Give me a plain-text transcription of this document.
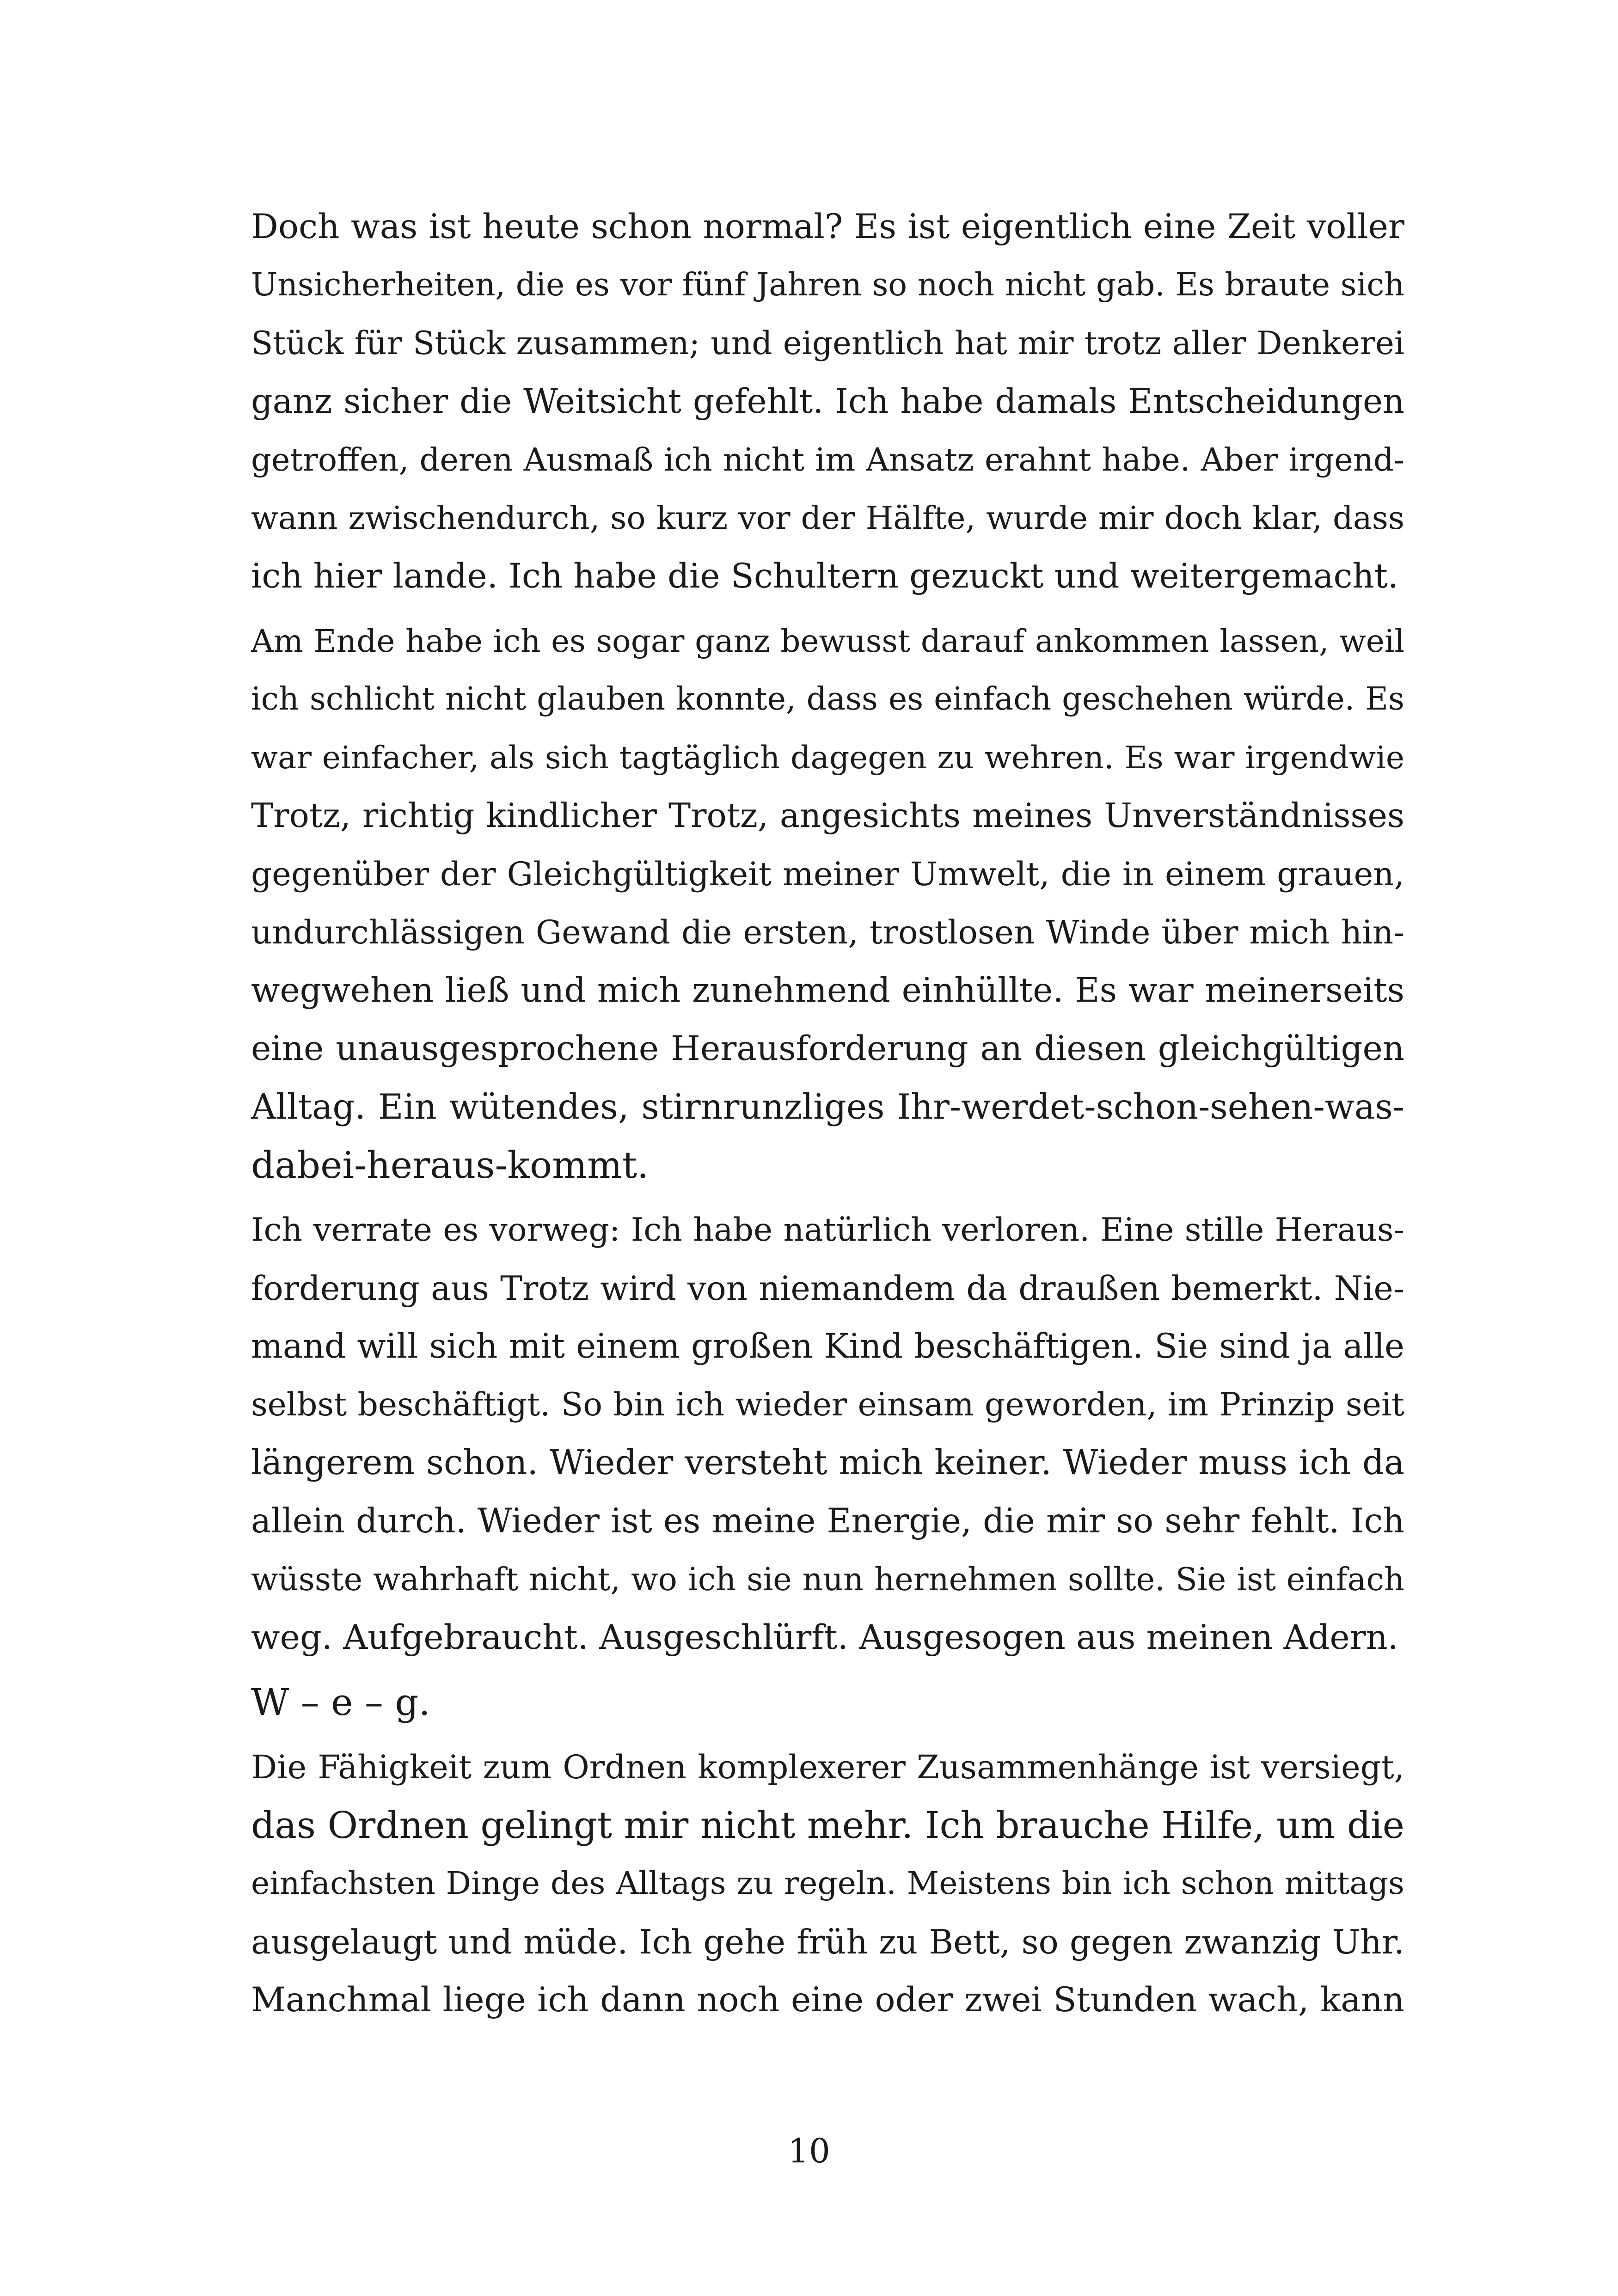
Doch was ist heute schon normal? Es ist eigentlich eine Zeit voller
Unsicherheiten, die es vor fünf Jahren so noch nicht gab. Es braute sich
Stück für Stück zusammen; und eigentlich hat mir trotz aller Denkerei
ganz sicher die Weitsicht gefehlt. Ich habe damals Entscheidungen
getroffen, deren Ausmaß ich nicht im Ansatz erahnt habe. Aber irgend-
wann zwischendurch, so kurz vor der Hälfte, wurde mir doch klar, dass
ich hier lande. Ich habe die Schultern gezuckt und weitergemacht.
Am Ende habe ich es sogar ganz bewusst darauf ankommen lassen, weil
ich schlicht nicht glauben konnte, dass es einfach geschehen würde. Es
war einfacher, als sich tagtäglich dagegen zu wehren. Es war irgendwie
Trotz, richtig kindlicher Trotz, angesichts meines Unverständnisses
gegenüber der Gleichgültigkeit meiner Umwelt, die in einem grauen,
undurchlässigen Gewand die ersten, trostlosen Winde über mich hin-
wegwehen ließ und mich zunehmend einhüllte. Es war meinerseits
eine unausgesprochene Herausforderung an diesen gleichgültigen
Alltag. Ein wütendes, stirnrunzliges Ihr-werdet-schon-sehen-was-
dabei-heraus-kommt.
Ich verrate es vorweg: Ich habe natürlich verloren. Eine stille Heraus-
forderung aus Trotz wird von niemandem da draußen bemerkt. Nie-
mand will sich mit einem großen Kind beschäftigen. Sie sind ja alle
selbst beschäftigt. So bin ich wieder einsam geworden, im Prinzip seit
längerem schon. Wieder versteht mich keiner. Wieder muss ich da
allein durch. Wieder ist es meine Energie, die mir so sehr fehlt. Ich
wüsste wahrhaft nicht, wo ich sie nun hernehmen sollte. Sie ist einfach
weg. Aufgebraucht. Ausgeschlürft. Ausgesogen aus meinen Adern.
W – e – g.
Die Fähigkeit zum Ordnen komplexerer Zusammenhänge ist versiegt,
das Ordnen gelingt mir nicht mehr. Ich brauche Hilfe, um die
einfachsten Dinge des Alltags zu regeln. Meistens bin ich schon mittags
ausgelaugt und müde. Ich gehe früh zu Bett, so gegen zwanzig Uhr.
Manchmal liege ich dann noch eine oder zwei Stunden wach, kann
10
